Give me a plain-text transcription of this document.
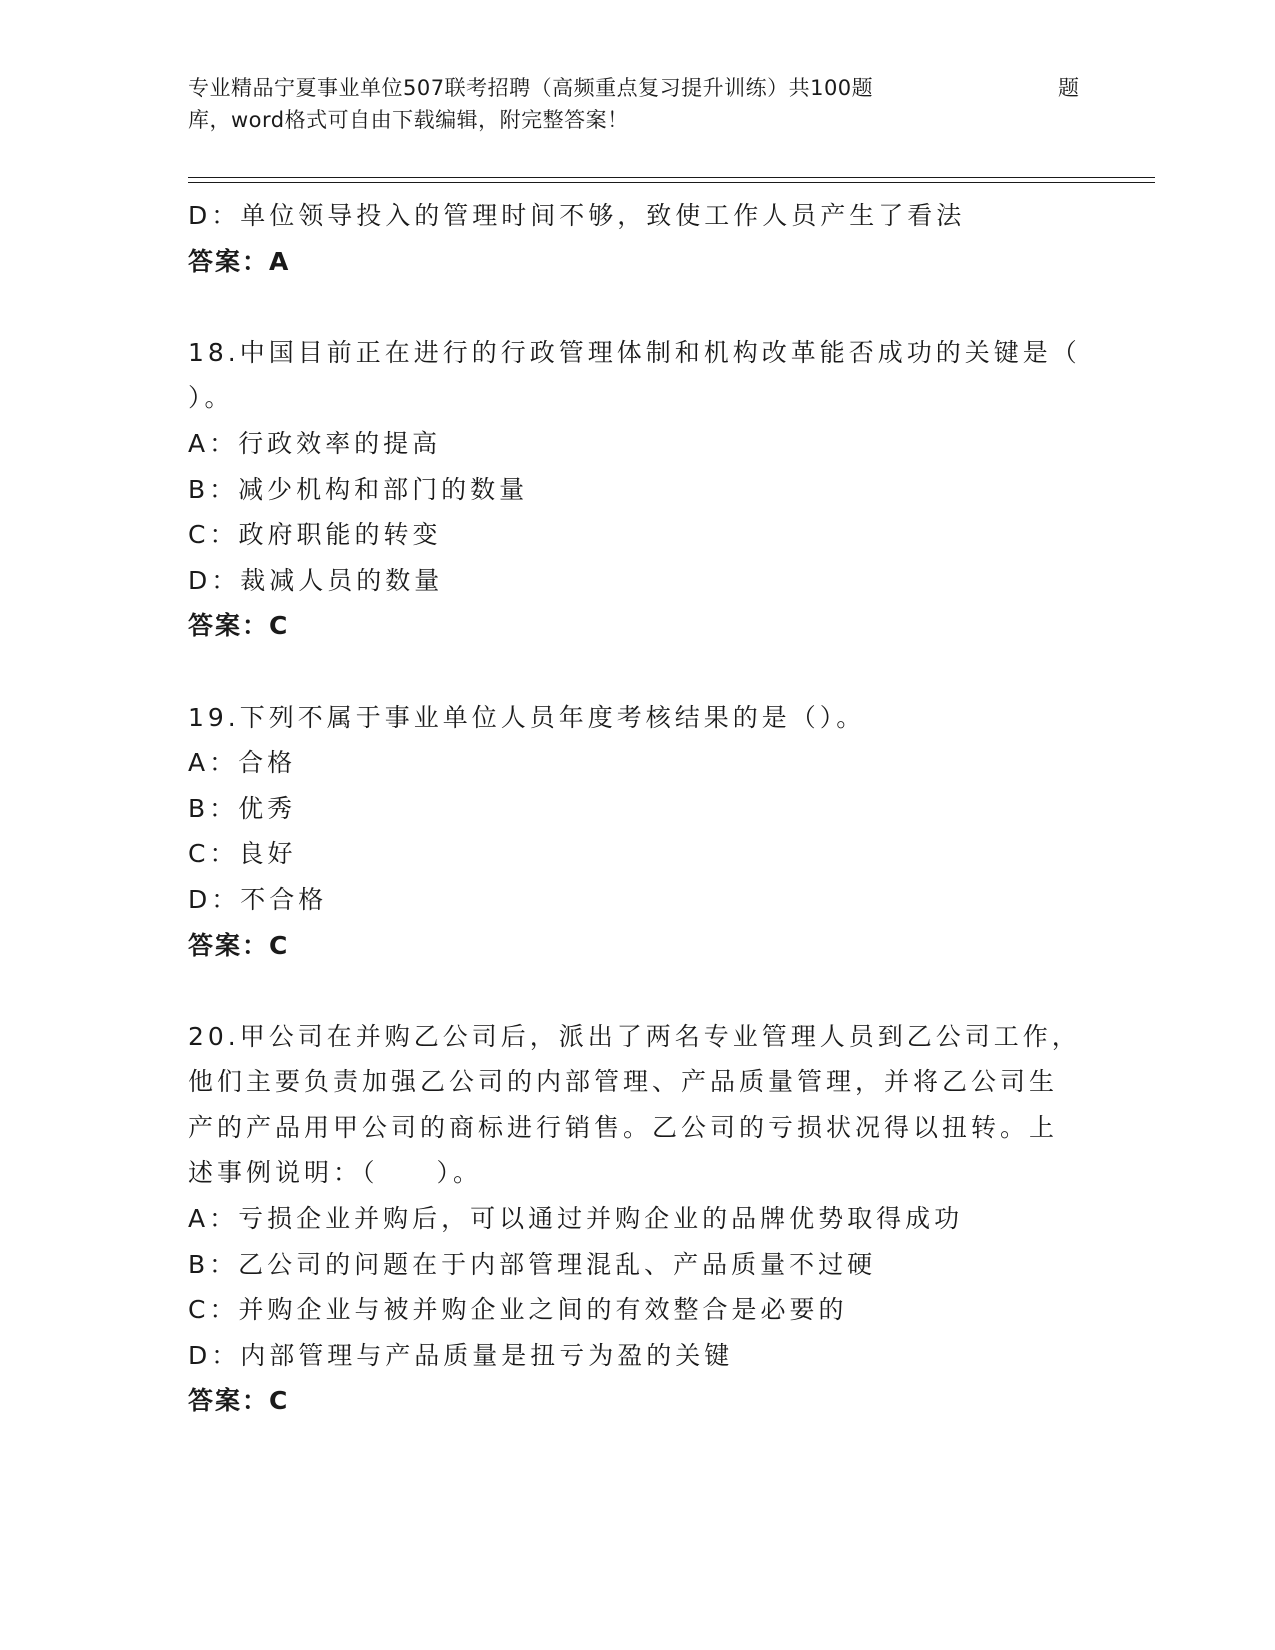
专业精品宁夏事业单位507联考招聘（高频重点复习提升训练）共100题	题
库，word格式可自由下载编辑，附完整答案！
D：单位领导投入的管理时间不够，致使工作人员产生了看法
答案：A
18.中国目前正在进行的行政管理体制和机构改革能否成功的关键是（
）。
A：行政效率的提高
B：减少机构和部门的数量
C：政府职能的转变
D：裁减人员的数量
答案：C
19.下列不属于事业单位人员年度考核结果的是（）。
A：合格
B：优秀
C：良好
D：不合格
答案：C
20.甲公司在并购乙公司后，派出了两名专业管理人员到乙公司工作，
他们主要负责加强乙公司的内部管理、产品质量管理，并将乙公司生
产的产品用甲公司的商标进行销售。乙公司的亏损状况得以扭转。上
述事例说明：（　　）。
A：亏损企业并购后，可以通过并购企业的品牌优势取得成功
B：乙公司的问题在于内部管理混乱、产品质量不过硬
C：并购企业与被并购企业之间的有效整合是必要的
D：内部管理与产品质量是扭亏为盈的关键
答案：C
